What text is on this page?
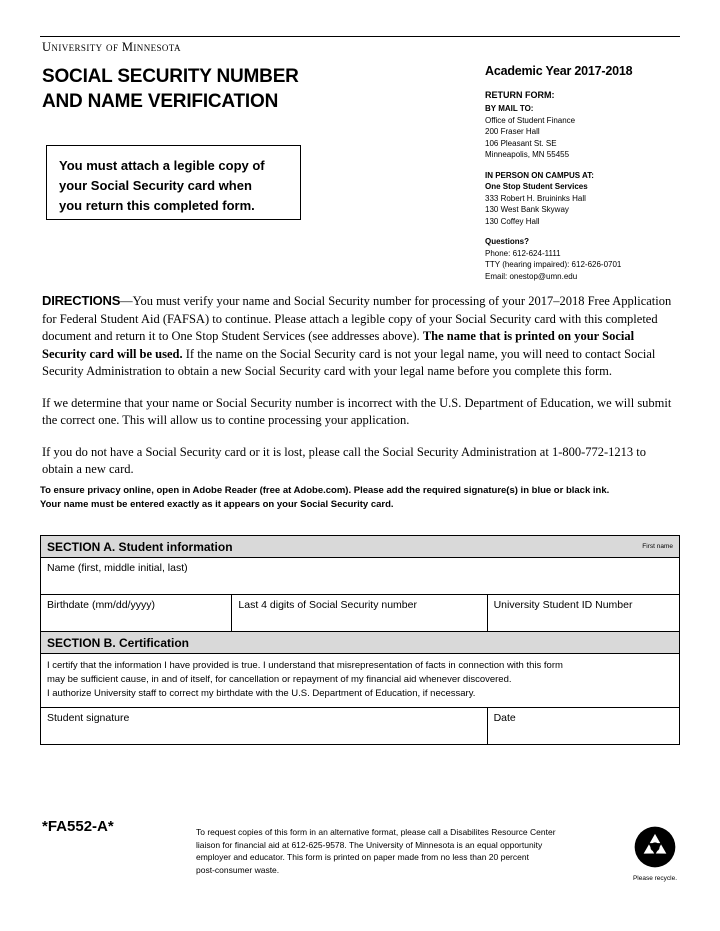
University of Minnesota
SOCIAL SECURITY NUMBER
AND NAME VERIFICATION
You must attach a legible copy of
your Social Security card when
you return this completed form.
Academic Year 2017-2018
RETURN FORM:
BY MAIL TO:
Office of Student Finance
200 Fraser Hall
106 Pleasant St. SE
Minneapolis, MN 55455
IN PERSON ON CAMPUS AT:
One Stop Student Services
333 Robert H. Bruininks Hall
130 West Bank Skyway
130 Coffey Hall
Questions?
Phone: 612-624-1111
TTY (hearing impaired): 612-626-0701
Email: onestop@umn.edu

DIRECTIONS—You must verify your name and Social Security number for processing of your 2017–2018 Free Application for Federal Student Aid (FAFSA) to continue. Please attach a legible copy of your Social Security card with this completed document and return it to One Stop Student Services (see addresses above). The name that is printed on your Social Security card will be used. If the name on the Social Security card is not your legal name, you will need to contact Social Security Administration to obtain a new Social Security card with your legal name before you complete this form.

If we determine that your name or Social Security number is incorrect with the U.S. Department of Education, we will submit the correct one. This will allow us to contine processing your application.

If you do not have a Social Security card or it is lost, please call the Social Security Administration at 1-800-772-1213 to obtain a new card.

To ensure privacy online, open in Adobe Reader (free at Adobe.com). Please add the required signature(s) in blue or black ink.
Your name must be entered exactly as it appears on your Social Security card.
SECTION A. Student information	First name
Name (first, middle initial, last)
Birthdate (mm/dd/yyyy)	Last 4 digits of Social Security number	University Student ID Number
SECTION B. Certification
I certify that the information I have provided is true. I understand that misrepresentation of facts in connection with this form
may be sufficient cause, in and of itself, for cancellation or repayment of my financial aid whenever discovered.
I authorize University staff to correct my birthdate with the U.S. Department of Education, if necessary.
Student signature	Date
*FA552-A*	To request copies of this form in an alternative format, please call a Disabilites Resource Center
liaison for financial aid at 612-625-9578. The University of Minnesota is an equal opportunity
employer and educator. This form is printed on paper made from no less than 20 percent
post-consumer waste.
Please recycle.
